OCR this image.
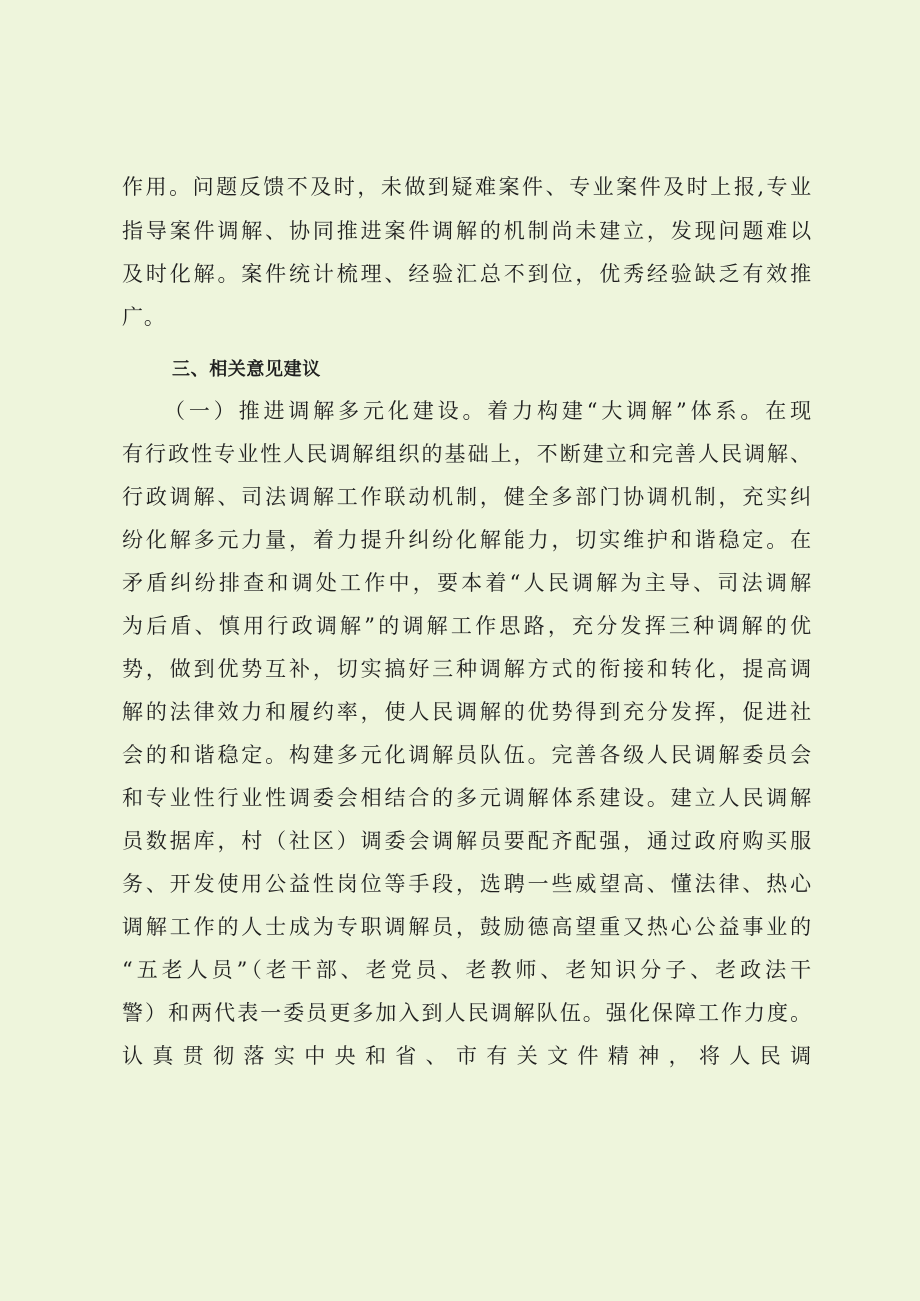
作用。问题反馈不及时，未做到疑难案件、专业案件及时上报,专业
指导案件调解、协同推进案件调解的机制尚未建立，发现问题难以
及时化解。案件统计梳理、经验汇总不到位，优秀经验缺乏有效推
广。
三、相关意见建议
（一）推进调解多元化建设。着力构建“大调解”体系。在现
有行政性专业性人民调解组织的基础上，不断建立和完善人民调解、
行政调解、司法调解工作联动机制，健全多部门协调机制，充实纠
纷化解多元力量，着力提升纠纷化解能力，切实维护和谐稳定。在
矛盾纠纷排查和调处工作中，要本着“人民调解为主导、司法调解
为后盾、慎用行政调解”的调解工作思路，充分发挥三种调解的优
势，做到优势互补，切实搞好三种调解方式的衔接和转化，提高调
解的法律效力和履约率，使人民调解的优势得到充分发挥，促进社
会的和谐稳定。构建多元化调解员队伍。完善各级人民调解委员会
和专业性行业性调委会相结合的多元调解体系建设。建立人民调解
员数据库，村（社区）调委会调解员要配齐配强，通过政府购买服
务、开发使用公益性岗位等手段，选聘一些威望高、懂法律、热心
调解工作的人士成为专职调解员，鼓励德高望重又热心公益事业的
“五老人员”（老干部、老党员、老教师、老知识分子、老政法干
警）和两代表一委员更多加入到人民调解队伍。强化保障工作力度。
认真贯彻落实中央和省、市有关文件精神，将人民调
